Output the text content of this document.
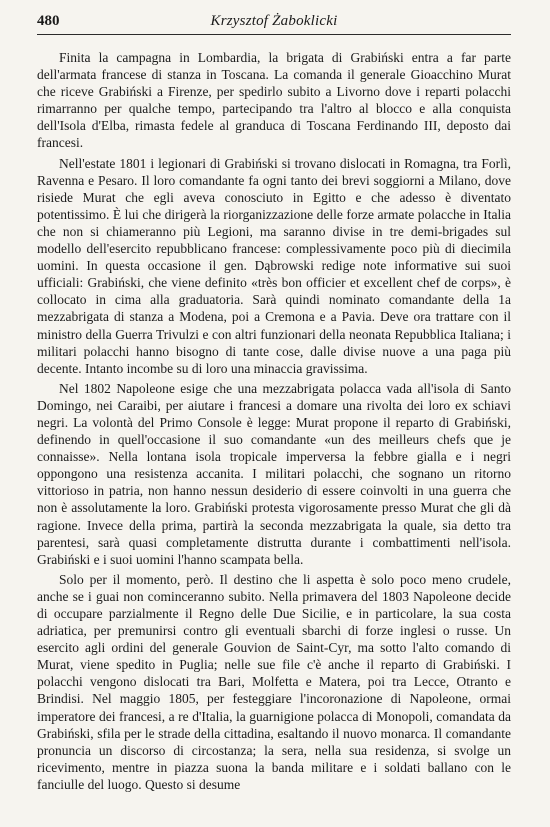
480	Krzysztof Żaboklicki

Finita la campagna in Lombardia, la brigata di Grabiński entra a far parte dell'armata francese di stanza in Toscana. La comanda il generale Gioacchino Murat che riceve Grabiński a Firenze, per spedirlo subito a Livorno dove i reparti polacchi rimarranno per qualche tempo, partecipando tra l'altro al blocco e alla conquista dell'Isola d'Elba, rimasta fedele al granduca di Toscana Ferdinando III, deposto dai francesi.

Nell'estate 1801 i legionari di Grabiński si trovano dislocati in Romagna, tra Forlì, Ravenna e Pesaro. Il loro comandante fa ogni tanto dei brevi soggiorni a Milano, dove risiede Murat che egli aveva conosciuto in Egitto e che adesso è diventato potentissimo. È lui che dirigerà la riorganizzazione delle forze armate polacche in Italia che non si chiameranno più Legioni, ma saranno divise in tre demi-brigades sul modello dell'esercito repubblicano francese: complessivamente poco più di diecimila uomini. In questa occasione il gen. Dąbrowski redige note informative sui suoi ufficiali: Grabiński, che viene definito «très bon officier et excellent chef de corps», è collocato in cima alla graduatoria. Sarà quindi nominato comandante della 1a mezzabrigata di stanza a Modena, poi a Cremona e a Pavia. Deve ora trattare con il ministro della Guerra Trivulzi e con altri funzionari della neonata Repubblica Italiana; i militari polacchi hanno bisogno di tante cose, dalle divise nuove a una paga più decente. Intanto incombe su di loro una minaccia gravissima.

Nel 1802 Napoleone esige che una mezzabrigata polacca vada all'isola di Santo Domingo, nei Caraibi, per aiutare i francesi a domare una rivolta dei loro ex schiavi negri. La volontà del Primo Console è legge: Murat propone il reparto di Grabiński, definendo in quell'occasione il suo comandante «un des meilleurs chefs que je connaisse». Nella lontana isola tropicale imperversa la febbre gialla e i negri oppongono una resistenza accanita. I militari polacchi, che sognano un ritorno vittorioso in patria, non hanno nessun desiderio di essere coinvolti in una guerra che non è assolutamente la loro. Grabiński protesta vigorosamente presso Murat che gli dà ragione. Invece della prima, partirà la seconda mezzabrigata la quale, sia detto tra parentesi, sarà quasi completamente distrutta durante i combattimenti nell'isola. Grabiński e i suoi uomini l'hanno scampata bella.

Solo per il momento, però. Il destino che li aspetta è solo poco meno crudele, anche se i guai non cominceranno subito. Nella primavera del 1803 Napoleone decide di occupare parzialmente il Regno delle Due Sicilie, e in particolare, la sua costa adriatica, per premunirsi contro gli eventuali sbarchi di forze inglesi o russe. Un esercito agli ordini del generale Gouvion de Saint-Cyr, ma sotto l'alto comando di Murat, viene spedito in Puglia; nelle sue file c'è anche il reparto di Grabiński. I polacchi vengono dislocati tra Bari, Molfetta e Matera, poi tra Lecce, Otranto e Brindisi. Nel maggio 1805, per festeggiare l'incoronazione di Napoleone, ormai imperatore dei francesi, a re d'Italia, la guarnigione polacca di Monopoli, comandata da Grabiński, sfila per le strade della cittadina, esaltando il nuovo monarca. Il comandante pronuncia un discorso di circostanza; la sera, nella sua residenza, si svolge un ricevimento, mentre in piazza suona la banda militare e i soldati ballano con le fanciulle del luogo. Questo si desume
